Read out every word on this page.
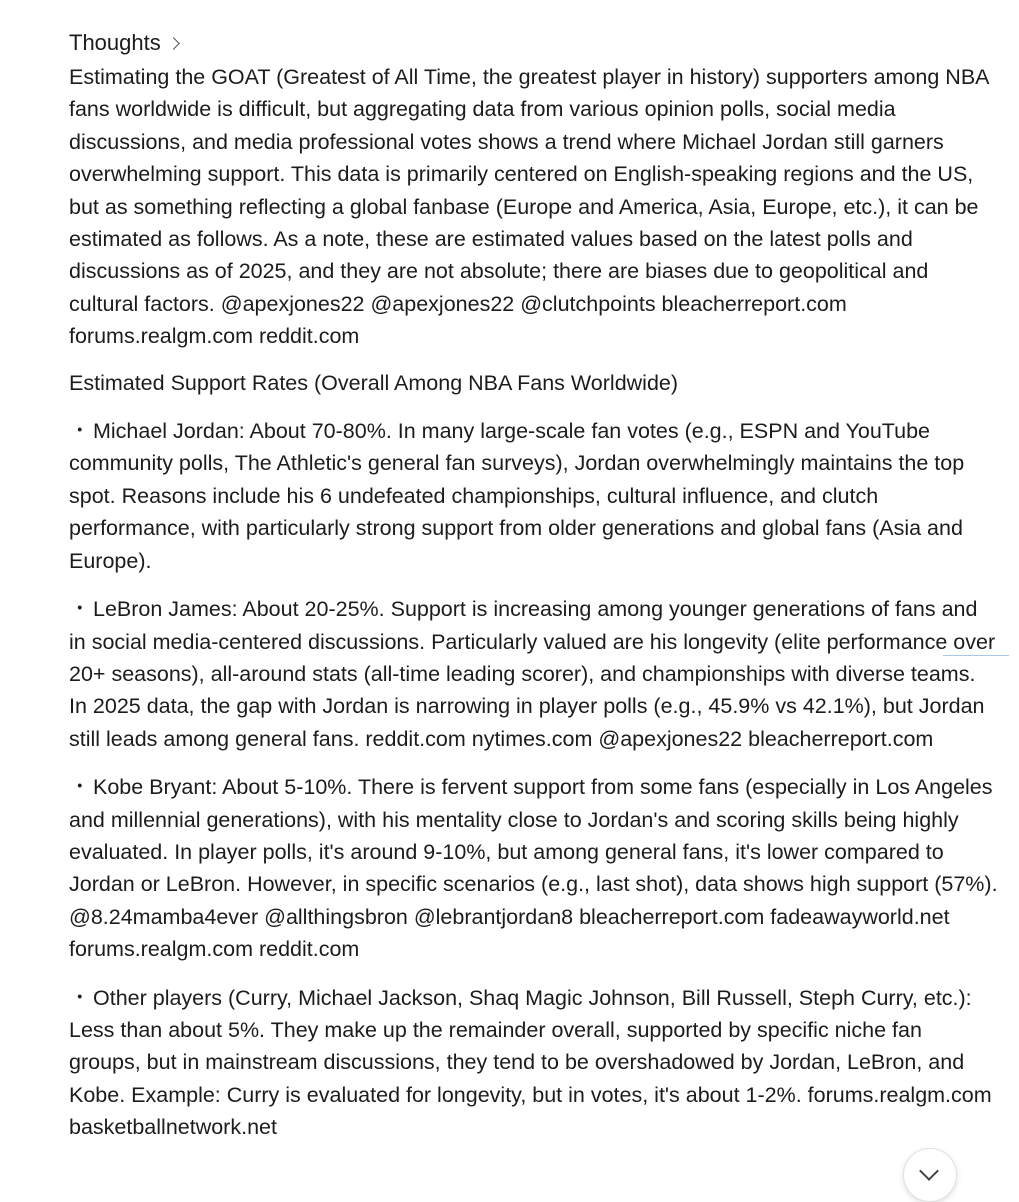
Thoughts

Estimating the GOAT (Greatest of All Time, the greatest player in history) supporters among NBA fans worldwide is difficult, but aggregating data from various opinion polls, social media discussions, and media professional votes shows a trend where Michael Jordan still garners overwhelming support. This data is primarily centered on English-speaking regions and the US, but as something reflecting a global fanbase (Europe and America, Asia, Europe, etc.), it can be estimated as follows. As a note, these are estimated values based on the latest polls and discussions as of 2025, and they are not absolute; there are biases due to geopolitical and cultural factors. @apexjones22 @apexjones22 @clutchpoints bleacherreport.com forums.realgm.com reddit.com

Estimated Support Rates (Overall Among NBA Fans Worldwide)

・ Michael Jordan: About 70-80%. In many large-scale fan votes (e.g., ESPN and YouTube community polls, The Athletic's general fan surveys), Jordan overwhelmingly maintains the top spot. Reasons include his 6 undefeated championships, cultural influence, and clutch performance, with particularly strong support from older generations and global fans (Asia and Europe).

・ LeBron James: About 20-25%. Support is increasing among younger generations of fans and in social media-centered discussions. Particularly valued are his longevity (elite performance over 20+ seasons), all-around stats (all-time leading scorer), and championships with diverse teams. In 2025 data, the gap with Jordan is narrowing in player polls (e.g., 45.9% vs 42.1%), but Jordan still leads among general fans. reddit.com nytimes.com @apexjones22 bleacherreport.com

・ Kobe Bryant: About 5-10%. There is fervent support from some fans (especially in Los Angeles and millennial generations), with his mentality close to Jordan's and scoring skills being highly evaluated. In player polls, it's around 9-10%, but among general fans, it's lower compared to Jordan or LeBron. However, in specific scenarios (e.g., last shot), data shows high support (57%). @8.24mamba4ever @allthingsbron @lebrantjordan8 bleacherreport.com fadeawayworld.net forums.realgm.com reddit.com

・ Other players (Curry, Michael Jackson, Shaq Magic Johnson, Bill Russell, Steph Curry, etc.): Less than about 5%. They make up the remainder overall, supported by specific niche fan groups, but in mainstream discussions, they tend to be overshadowed by Jordan, LeBron, and Kobe. Example: Curry is evaluated for longevity, but in votes, it's about 1-2%. forums.realgm.com basketballnetwork.net
